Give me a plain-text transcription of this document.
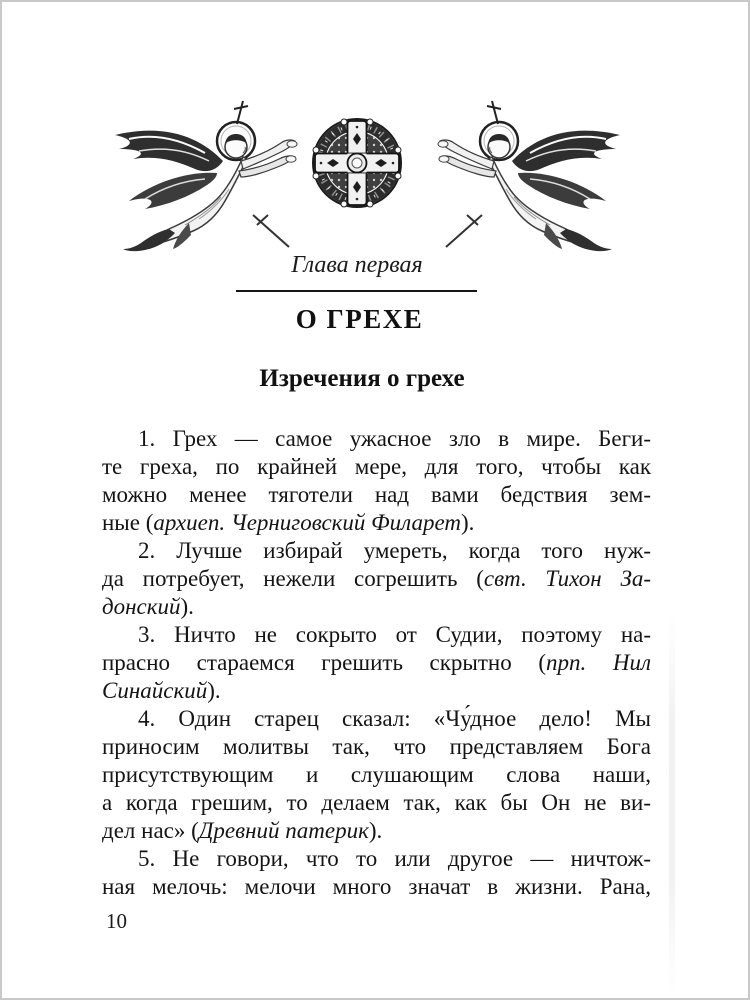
Глава первая
О ГРЕХЕ
Изречения о грехе
1. Грех — самое ужасное зло в мире. Беги-
те греха, по крайней мере, для того, чтобы как
можно менее тяготели над вами бедствия зем-
ные (архиеп. Черниговский Филарет).
2. Лучше избирай умереть, когда того нуж-
да потребует, нежели согрешить (свт. Тихон За-
донский).
3. Ничто не сокрыто от Судии, поэтому на-
прасно стараемся грешить скрытно (прп. Нил
Синайский).
4. Один старец сказал: «Чу́дное дело! Мы
приносим молитвы так, что представляем Бога
присутствующим и слушающим слова наши,
а когда грешим, то делаем так, как бы Он не ви-
дел нас» (Древний патерик).
5. Не говори, что то или другое — ничтож-
ная мелочь: мелочи много значат в жизни. Рана,
10
